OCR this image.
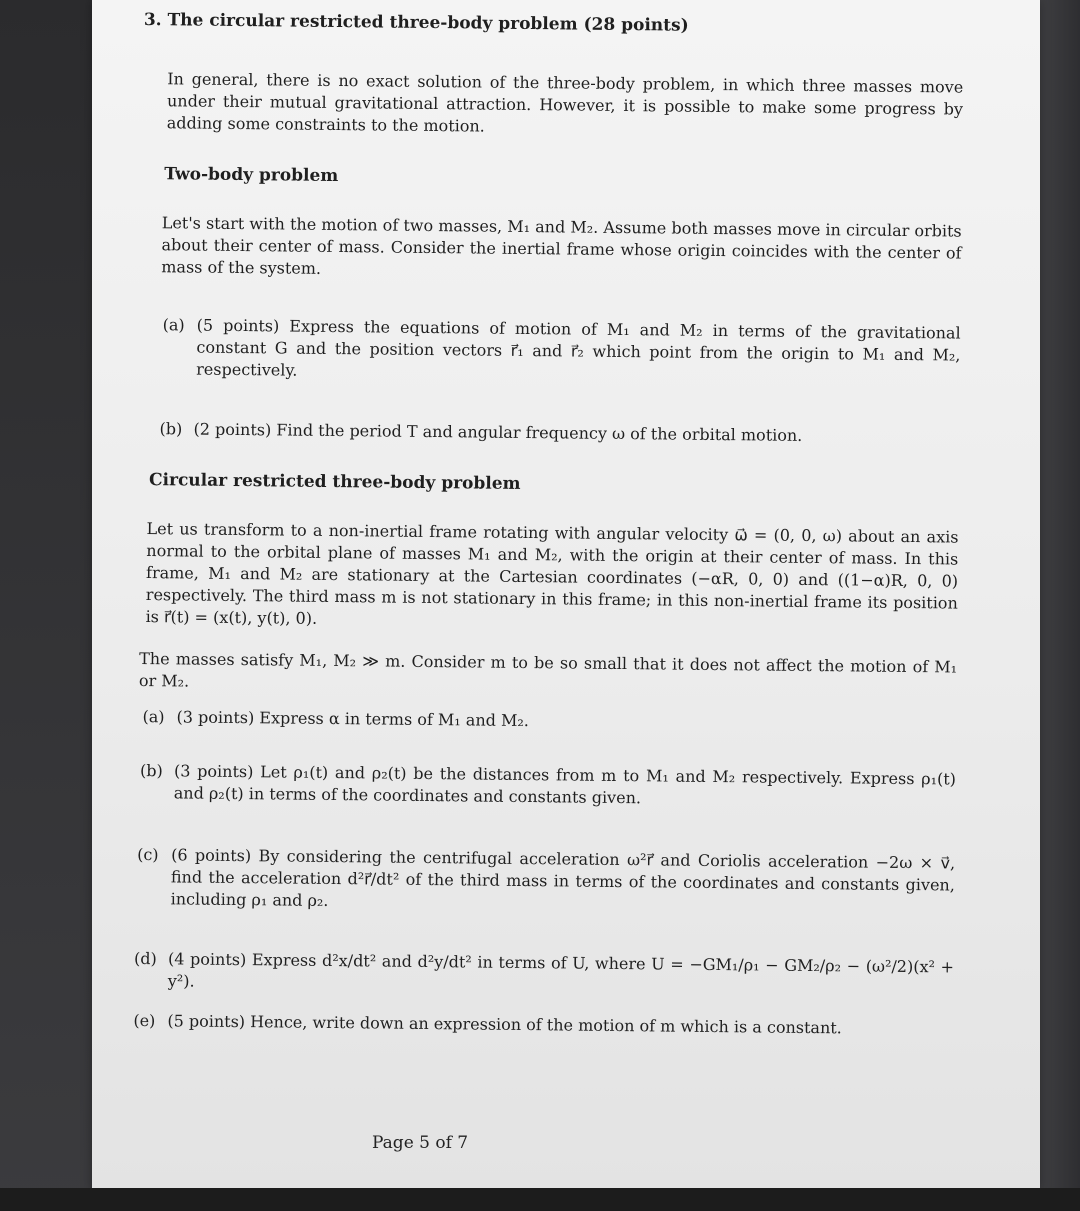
3. The circular restricted three-body problem (28 points)

In general, there is no exact solution of the three-body problem, in which three masses move under their mutual gravitational attraction. However, it is possible to make some progress by adding some constraints to the motion.

Two-body problem

Let's start with the motion of two masses, M₁ and M₂. Assume both masses move in circular orbits about their center of mass. Consider the inertial frame whose origin coincides with the center of mass of the system.

(a) (5 points) Express the equations of motion of M₁ and M₂ in terms of the gravitational constant G and the position vectors r⃗₁ and r⃗₂ which point from the origin to M₁ and M₂, respectively.
(b) (2 points) Find the period T and angular frequency ω of the orbital motion.
Circular restricted three-body problem

Let us transform to a non-inertial frame rotating with angular velocity ω⃗ = (0, 0, ω) about an axis normal to the orbital plane of masses M₁ and M₂, with the origin at their center of mass. In this frame, M₁ and M₂ are stationary at the Cartesian coordinates (−αR, 0, 0) and ((1−α)R, 0, 0) respectively. The third mass m is not stationary in this frame; in this non-inertial frame its position is r⃗(t) = (x(t), y(t), 0).

The masses satisfy M₁, M₂ ≫ m. Consider m to be so small that it does not affect the motion of M₁ or M₂.

(a) (3 points) Express α in terms of M₁ and M₂.
(b) (3 points) Let ρ₁(t) and ρ₂(t) be the distances from m to M₁ and M₂ respectively. Express ρ₁(t) and ρ₂(t) in terms of the coordinates and constants given.
(c) (6 points) By considering the centrifugal acceleration ω²r⃗ and Coriolis acceleration −2ω × v⃗, find the acceleration d²r⃗/dt² of the third mass in terms of the coordinates and constants given, including ρ₁ and ρ₂.
(d) (4 points) Express d²x/dt² and d²y/dt² in terms of U, where U = −GM₁/ρ₁ − GM₂/ρ₂ − (ω²/2)(x² + y²).
(e) (5 points) Hence, write down an expression of the motion of m which is a constant.
Page 5 of 7
